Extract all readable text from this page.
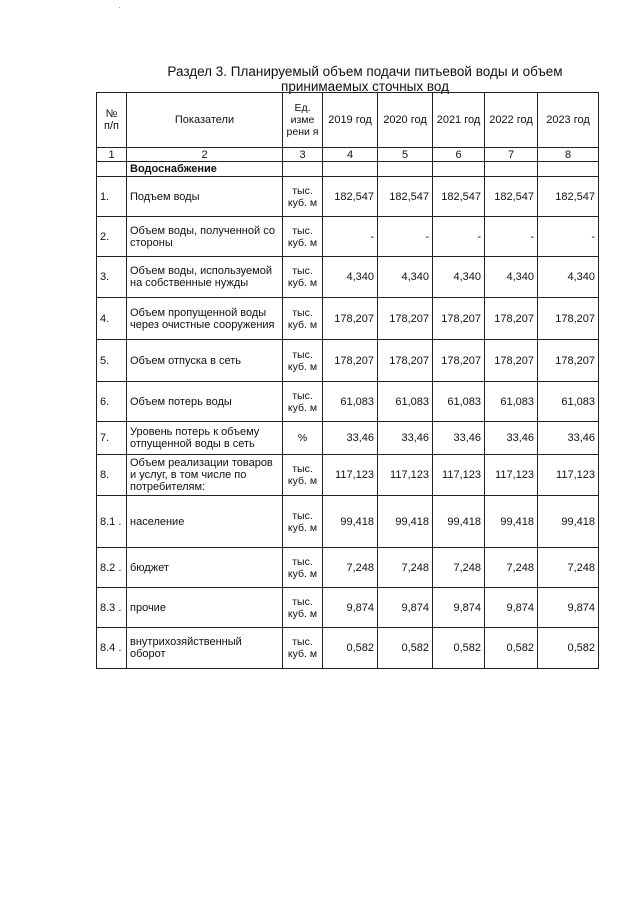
Раздел 3. Планируемый объем подачи питьевой воды и объем
принимаемых сточных вод
№ п/п	Показатели	Ед. изме рени я	2019 год	2020 год	2021 год	2022 год	2023 год
1	2	3	4	5	6	7	8
	Водоснабжение						
1.	Подъем воды	тыс. куб. м	182,547	182,547	182,547	182,547	182,547
2.	Объем воды, полученной со стороны	тыс. куб. м	-	-	-	-	-
3.	Объем воды, используемой на собственные нужды	тыс. куб. м	4,340	4,340	4,340	4,340	4,340
4.	Объем пропущенной воды через очистные сооружения	тыс. куб. м	178,207	178,207	178,207	178,207	178,207
5.	Объем отпуска в сеть	тыс. куб. м	178,207	178,207	178,207	178,207	178,207
6.	Объем потерь воды	тыс. куб. м	61,083	61,083	61,083	61,083	61,083
7.	Уровень потерь к объему отпущенной воды в сеть	%	33,46	33,46	33,46	33,46	33,46
8.	Объем реализации товаров и услуг, в том числе по потребителям:	тыс. куб. м	117,123	117,123	117,123	117,123	117,123
8.1 .	население	тыс. куб. м	99,418	99,418	99,418	99,418	99,418
8.2 .	бюджет	тыс. куб. м	7,248	7,248	7,248	7,248	7,248
8.3 .	прочие	тыс. куб. м	9,874	9,874	9,874	9,874	9,874
8.4 .	внутрихозяйственный оборот	тыс. куб. м	0,582	0,582	0,582	0,582	0,582
·
